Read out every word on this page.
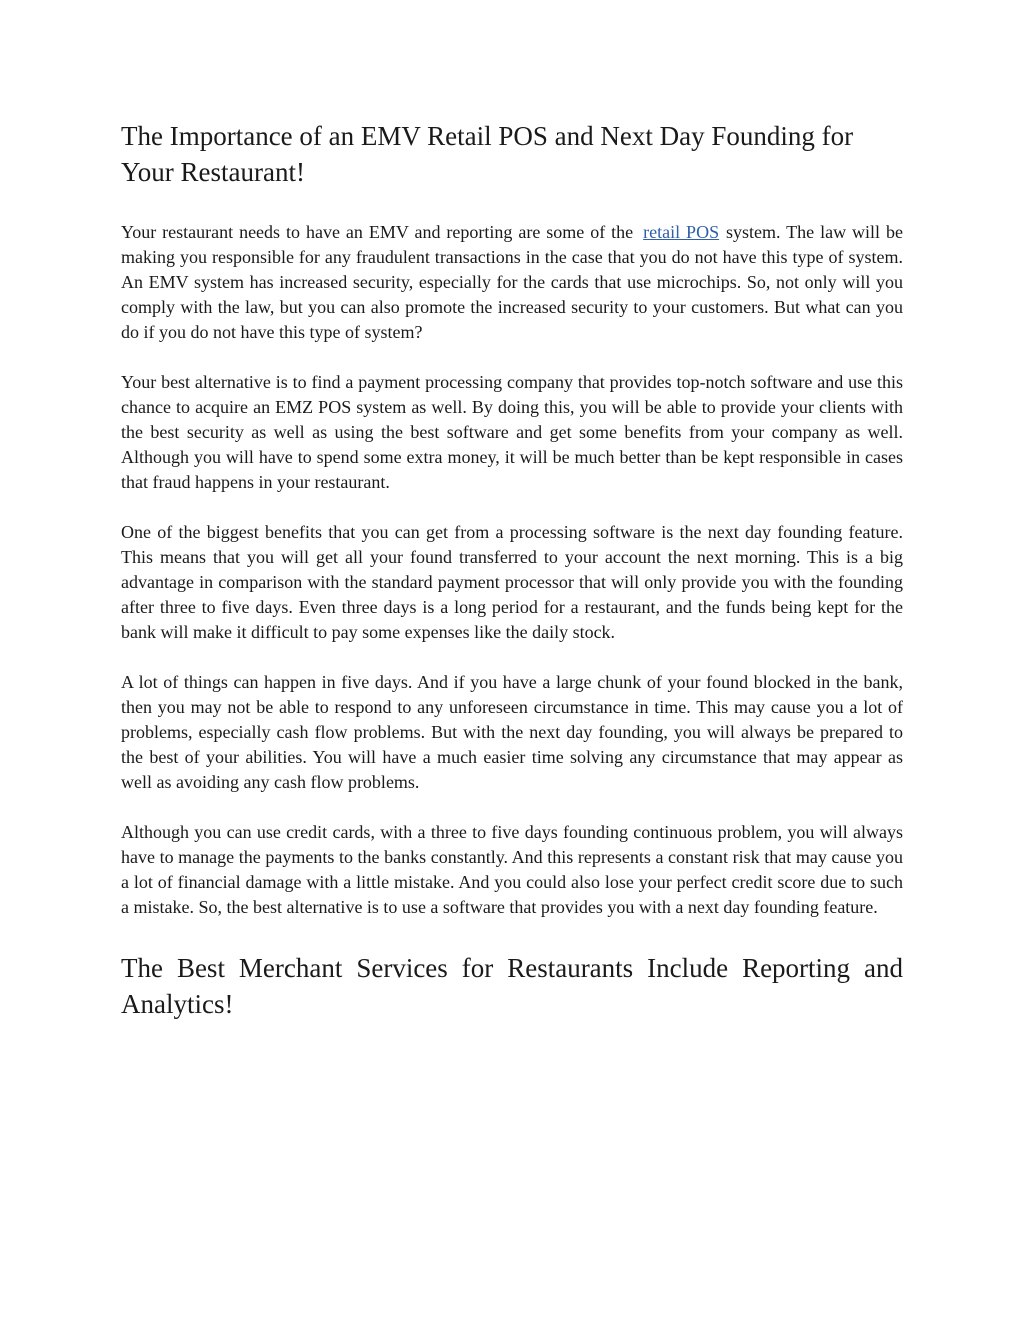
The Importance of an EMV Retail POS and Next Day Founding for Your Restaurant!

Your restaurant needs to have an EMV and reporting are some of the retail POS system. The law will be making you responsible for any fraudulent transactions in the case that you do not have this type of system. An EMV system has increased security, especially for the cards that use microchips. So, not only will you comply with the law, but you can also promote the increased security to your customers. But what can you do if you do not have this type of system?

Your best alternative is to find a payment processing company that provides top-notch software and use this chance to acquire an EMZ POS system as well. By doing this, you will be able to provide your clients with the best security as well as using the best software and get some benefits from your company as well. Although you will have to spend some extra money, it will be much better than be kept responsible in cases that fraud happens in your restaurant.

One of the biggest benefits that you can get from a processing software is the next day founding feature. This means that you will get all your found transferred to your account the next morning. This is a big advantage in comparison with the standard payment processor that will only provide you with the founding after three to five days. Even three days is a long period for a restaurant, and the funds being kept for the bank will make it difficult to pay some expenses like the daily stock.

A lot of things can happen in five days. And if you have a large chunk of your found blocked in the bank, then you may not be able to respond to any unforeseen circumstance in time. This may cause you a lot of problems, especially cash flow problems. But with the next day founding, you will always be prepared to the best of your abilities. You will have a much easier time solving any circumstance that may appear as well as avoiding any cash flow problems.

Although you can use credit cards, with a three to five days founding continuous problem, you will always have to manage the payments to the banks constantly. And this represents a constant risk that may cause you a lot of financial damage with a little mistake. And you could also lose your perfect credit score due to such a mistake. So, the best alternative is to use a software that provides you with a next day founding feature.

The Best Merchant Services for Restaurants Include Reporting and Analytics!
